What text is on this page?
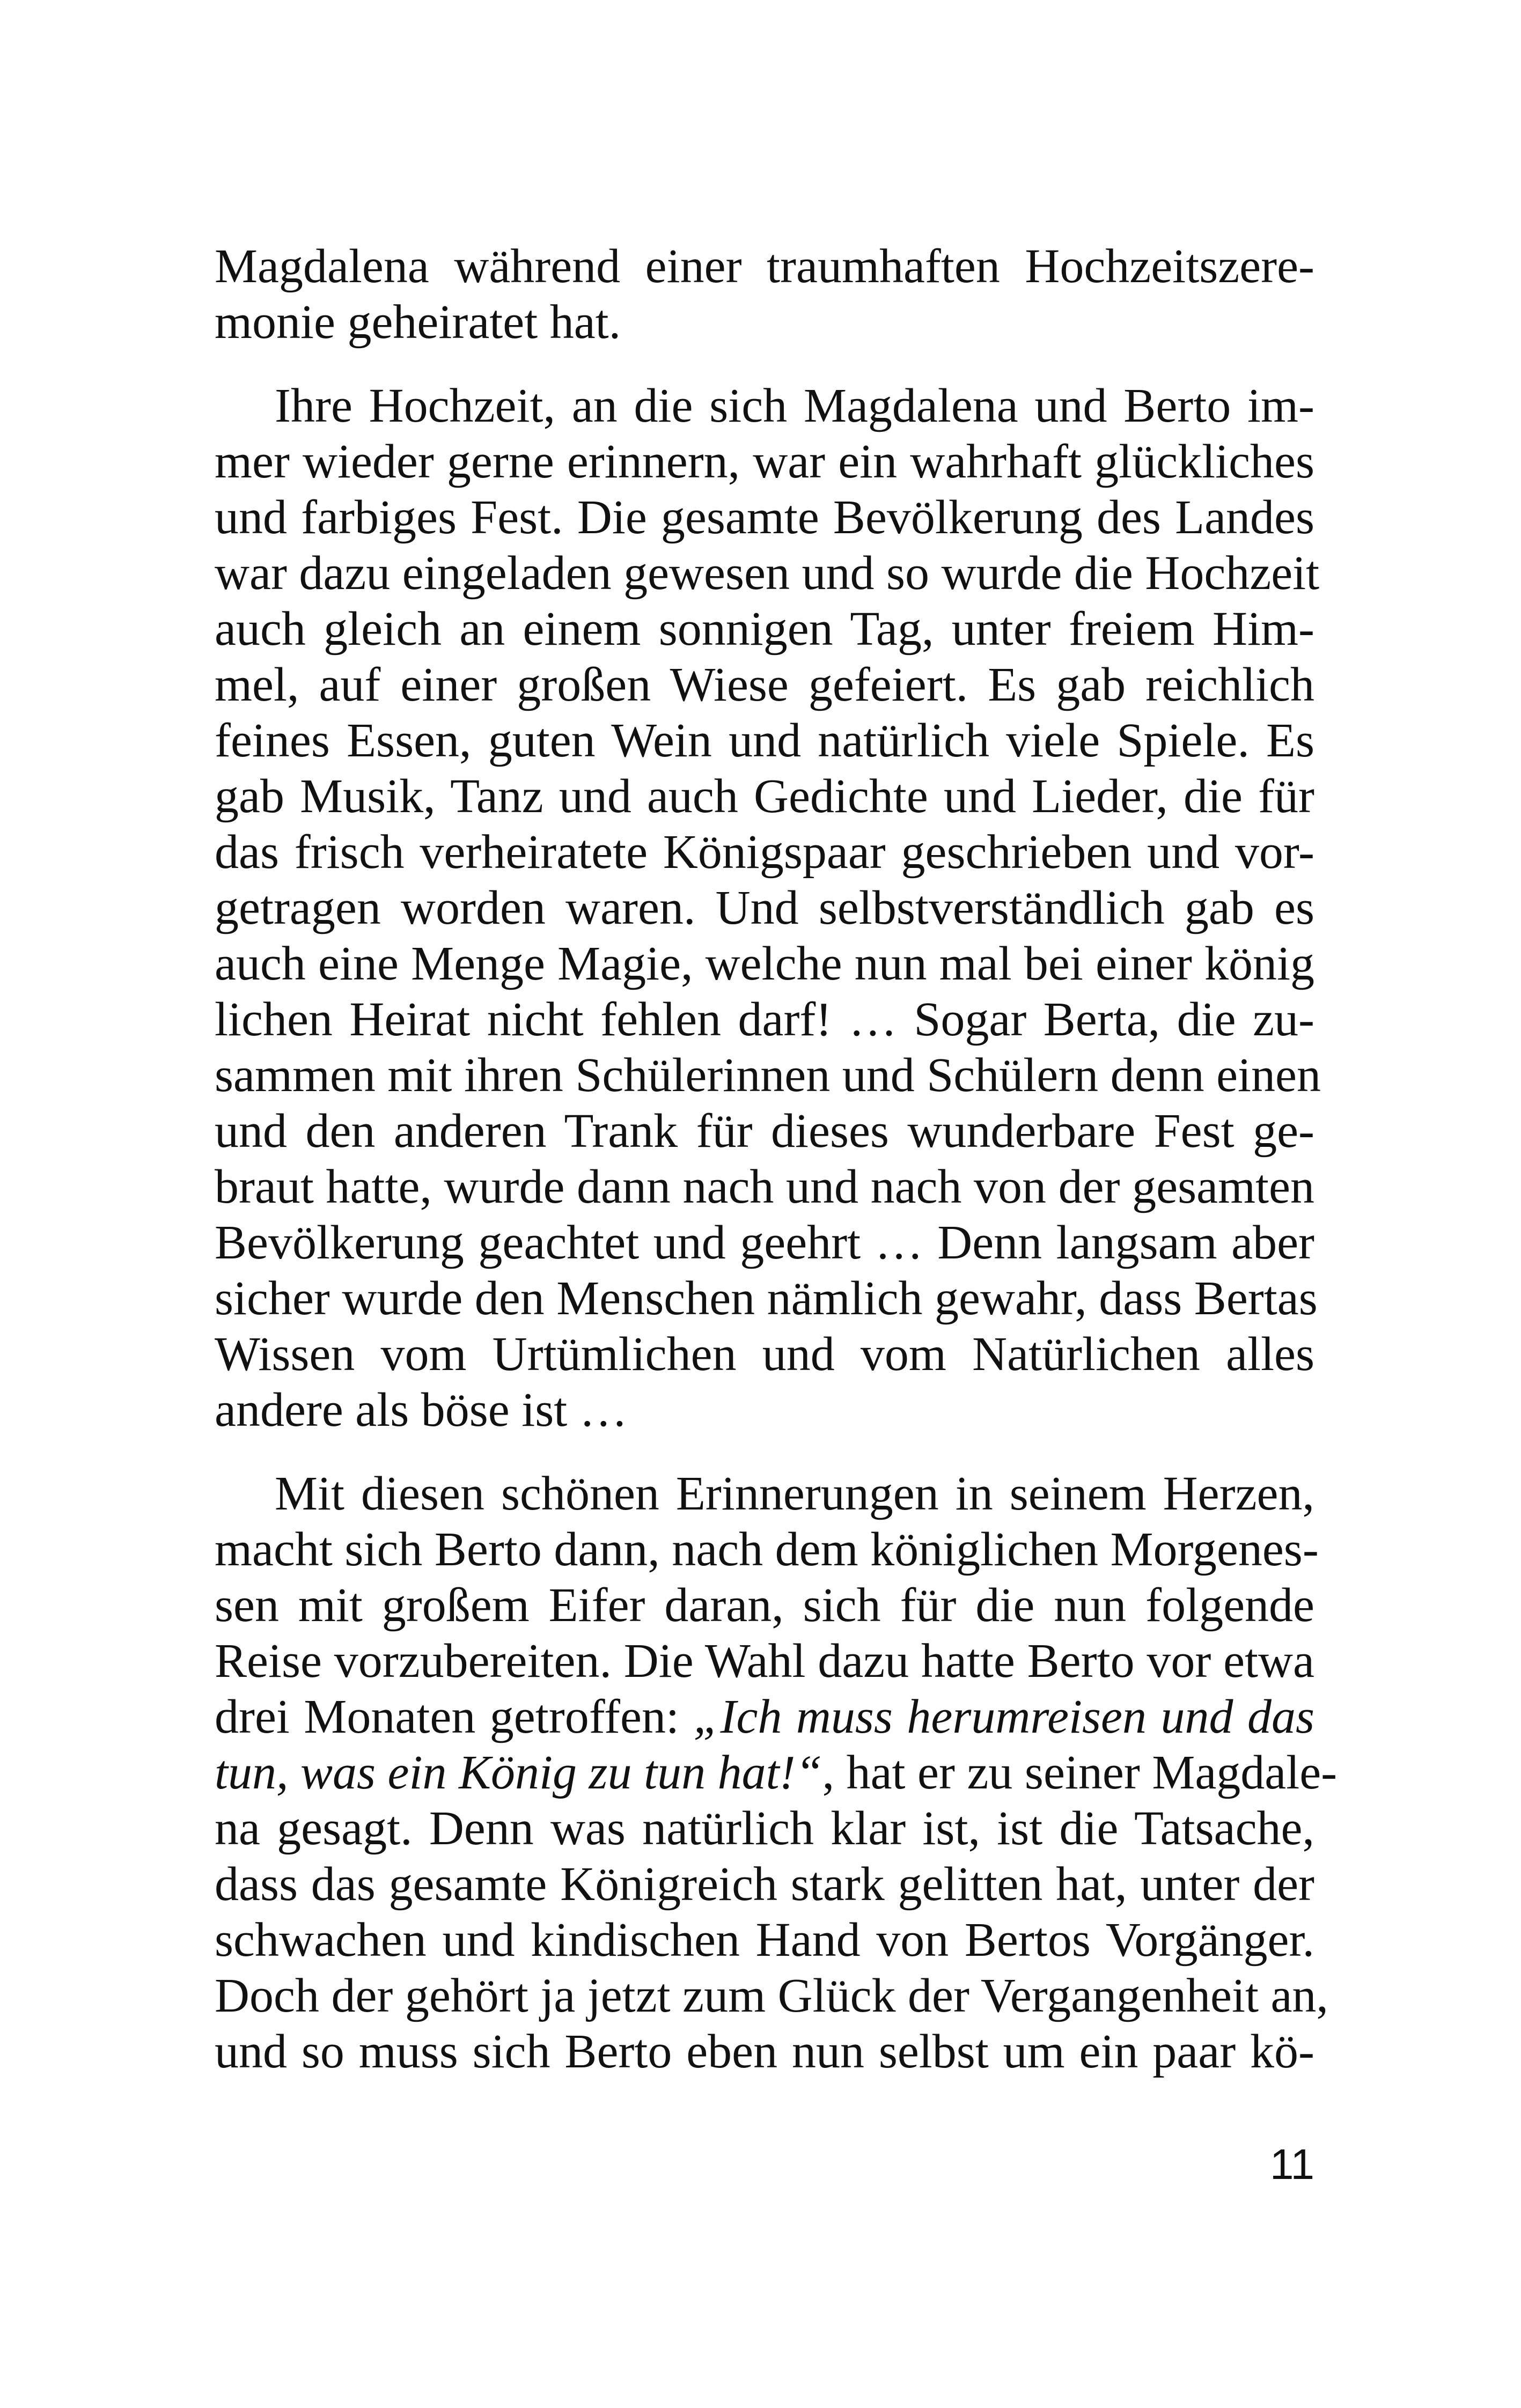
Magdalena während einer traumhaften Hochzeitszere-
monie geheiratet hat.
Ihre Hochzeit, an die sich Magdalena und Berto im-
mer wieder gerne erinnern, war ein wahrhaft glückliches
und farbiges Fest. Die gesamte Bevölkerung des Landes
war dazu eingeladen gewesen und so wurde die Hochzeit
auch gleich an einem sonnigen Tag, unter freiem Him-
mel, auf einer großen Wiese gefeiert. Es gab reichlich
feines Essen, guten Wein und natürlich viele Spiele. Es
gab Musik, Tanz und auch Gedichte und Lieder, die für
das frisch verheiratete Königspaar geschrieben und vor-
getragen worden waren. Und selbstverständlich gab es
auch eine Menge Magie, welche nun mal bei einer könig
lichen Heirat nicht fehlen darf! … Sogar Berta, die zu-
sammen mit ihren Schülerinnen und Schülern denn einen
und den anderen Trank für dieses wunderbare Fest ge-
braut hatte, wurde dann nach und nach von der gesamten
Bevölkerung geachtet und geehrt … Denn langsam aber
sicher wurde den Menschen nämlich gewahr, dass Bertas
Wissen vom Urtümlichen und vom Natürlichen alles
andere als böse ist …
Mit diesen schönen Erinnerungen in seinem Herzen,
macht sich Berto dann, nach dem königlichen Morgenes-
sen mit großem Eifer daran, sich für die nun folgende
Reise vorzubereiten. Die Wahl dazu hatte Berto vor etwa
drei Monaten getroffen: „Ich muss herumreisen und das
tun, was ein König zu tun hat!“, hat er zu seiner Magdale-
na gesagt. Denn was natürlich klar ist, ist die Tatsache,
dass das gesamte Königreich stark gelitten hat, unter der
schwachen und kindischen Hand von Bertos Vorgänger.
Doch der gehört ja jetzt zum Glück der Vergangenheit an,
und so muss sich Berto eben nun selbst um ein paar kö-
11
